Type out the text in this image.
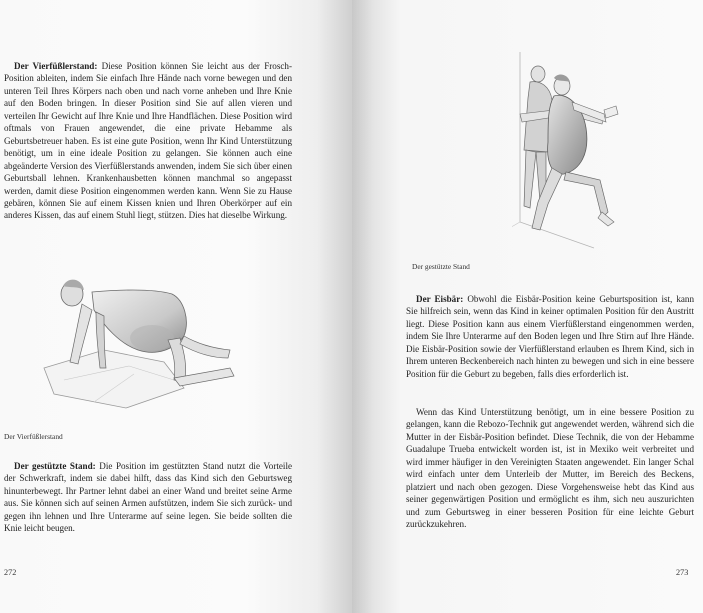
Der Vierfüßlerstand: Diese Position können Sie leicht aus der Frosch-Position ableiten, indem Sie einfach Ihre Hände nach vorne bewegen und den unteren Teil Ihres Körpers nach oben und nach vorne anheben und Ihre Knie auf den Boden bringen. In dieser Position sind Sie auf allen vieren und verteilen Ihr Gewicht auf Ihre Knie und Ihre Handflächen. Diese Position wird oftmals von Frauen angewendet, die eine private Hebamme als Geburtsbetreuer haben. Es ist eine gute Position, wenn Ihr Kind Unterstützung benötigt, um in eine ideale Position zu gelangen. Sie können auch eine abgeänderte Version des Vierfüßlerstands anwenden, indem Sie sich über einen Geburtsball lehnen. Krankenhausbetten können manchmal so angepasst werden, damit diese Position eingenommen werden kann. Wenn Sie zu Hause gebären, können Sie auf einem Kissen knien und Ihren Oberkörper auf ein anderes Kissen, das auf einem Stuhl liegt, stützen. Dies hat dieselbe Wirkung.

Der Vierfüßlerstand

Der gestützte Stand: Die Position im gestützten Stand nutzt die Vorteile der Schwerkraft, indem sie dabei hilft, dass das Kind sich den Geburtsweg hinunterbewegt. Ihr Partner lehnt dabei an einer Wand und breitet seine Arme aus. Sie können sich auf seinen Armen aufstützen, indem Sie sich zurück- und gegen ihn lehnen und Ihre Unterarme auf seine legen. Sie beide sollten die Knie leicht beugen.

272

Der gestützte Stand

Der Eisbär: Obwohl die Eisbär-Position keine Geburtsposition ist, kann Sie hilfreich sein, wenn das Kind in keiner optimalen Position für den Austritt liegt. Diese Position kann aus einem Vierfüßlerstand eingenommen werden, indem Sie Ihre Unterarme auf den Boden legen und Ihre Stirn auf Ihre Hände. Die Eisbär-Position sowie der Vierfüßlerstand erlauben es Ihrem Kind, sich in Ihrem unteren Beckenbereich nach hinten zu bewegen und sich in eine bessere Position für die Geburt zu begeben, falls dies erforderlich ist.

Wenn das Kind Unterstützung benötigt, um in eine bessere Position zu gelangen, kann die Rebozo-Technik gut angewendet werden, während sich die Mutter in der Eisbär-Position befindet. Diese Technik, die von der Hebamme Guadalupe Trueba entwickelt worden ist, ist in Mexiko weit verbreitet und wird immer häufiger in den Vereinigten Staaten angewendet. Ein langer Schal wird einfach unter dem Unterleib der Mutter, im Bereich des Beckens, platziert und nach oben gezogen. Diese Vorgehensweise hebt das Kind aus seiner gegenwärtigen Position und ermöglicht es ihm, sich neu auszurichten und zum Geburtsweg in einer besseren Position für eine leichte Geburt zurückzukehren.

273
